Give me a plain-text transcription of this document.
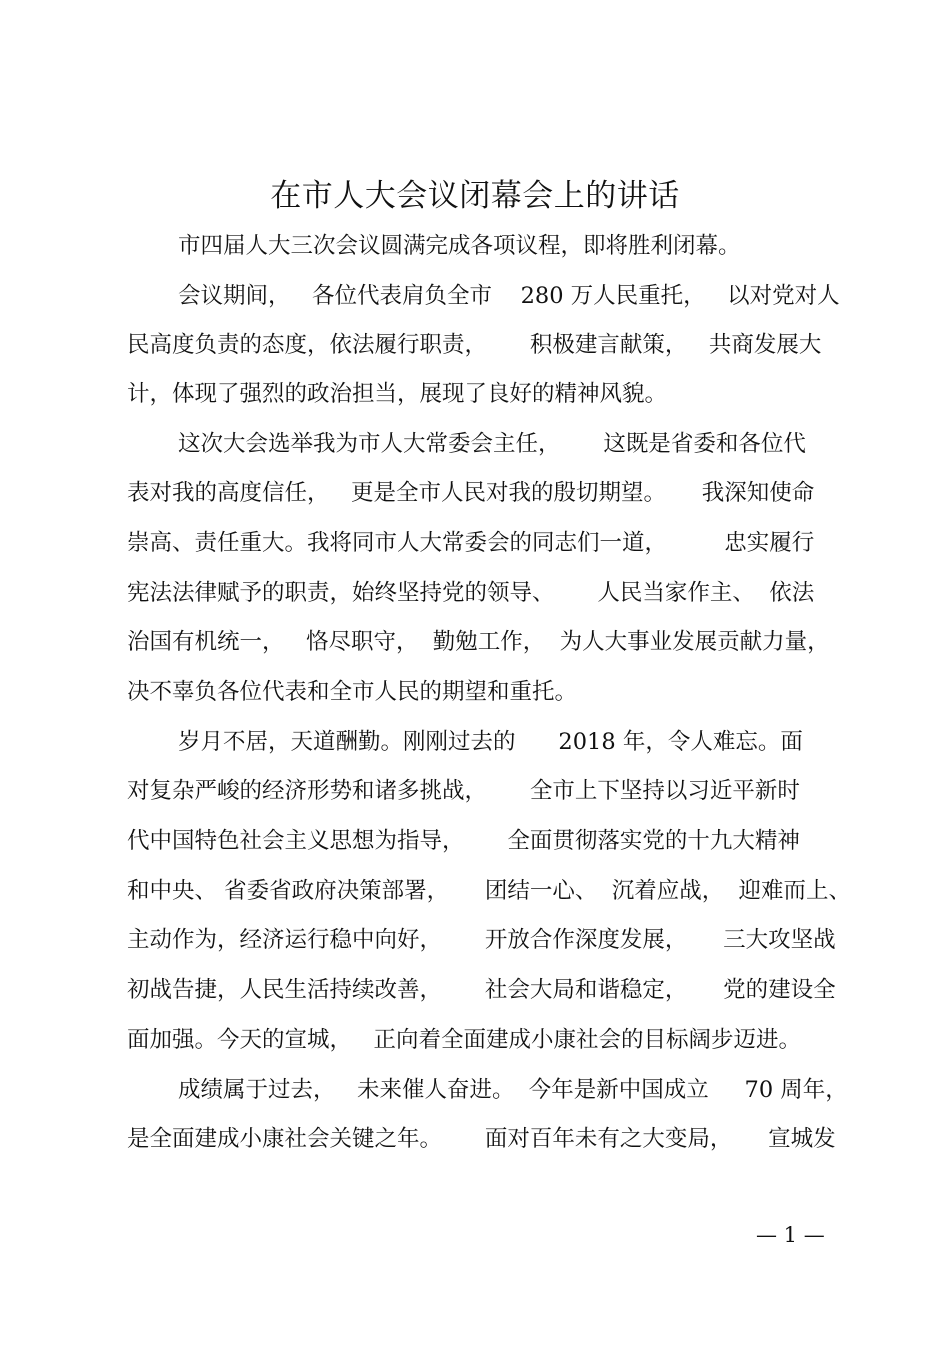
在市人大会议闭幕会上的讲话

市四届人大三次会议圆满完成各项议程，即将胜利闭幕。

会议期间，   各位代表肩负全市    280 万人民重托，   以对党对人

民高度负责的态度，依法履行职责，      积极建言献策，   共商发展大

计，体现了强烈的政治担当，展现了良好的精神风貌。

这次大会选举我为市人大常委会主任，      这既是省委和各位代

表对我的高度信任，   更是全市人民对我的殷切期望。     我深知使命

崇高、责任重大。我将同市人大常委会的同志们一道，        忠实履行

宪法法律赋予的职责，始终坚持党的领导、      人民当家作主、  依法

治国有机统一，   恪尽职守，  勤勉工作，  为人大事业发展贡献力量，

决不辜负各位代表和全市人民的期望和重托。

岁月不居，天道酬勤。刚刚过去的      2018 年，令人难忘。面

对复杂严峻的经济形势和诸多挑战，      全市上下坚持以习近平新时

代中国特色社会主义思想为指导，      全面贯彻落实党的十九大精神

和中央、 省委省政府决策部署，     团结一心、  沉着应战，  迎难而上、

主动作为，经济运行稳中向好，      开放合作深度发展，     三大攻坚战

初战告捷，人民生活持续改善，      社会大局和谐稳定，     党的建设全

面加强。今天的宣城，   正向着全面建成小康社会的目标阔步迈进。

成绩属于过去，   未来催人奋进。  今年是新中国成立     70 周年，

是全面建成小康社会关键之年。      面对百年未有之大变局，     宣城发

— 1 —
